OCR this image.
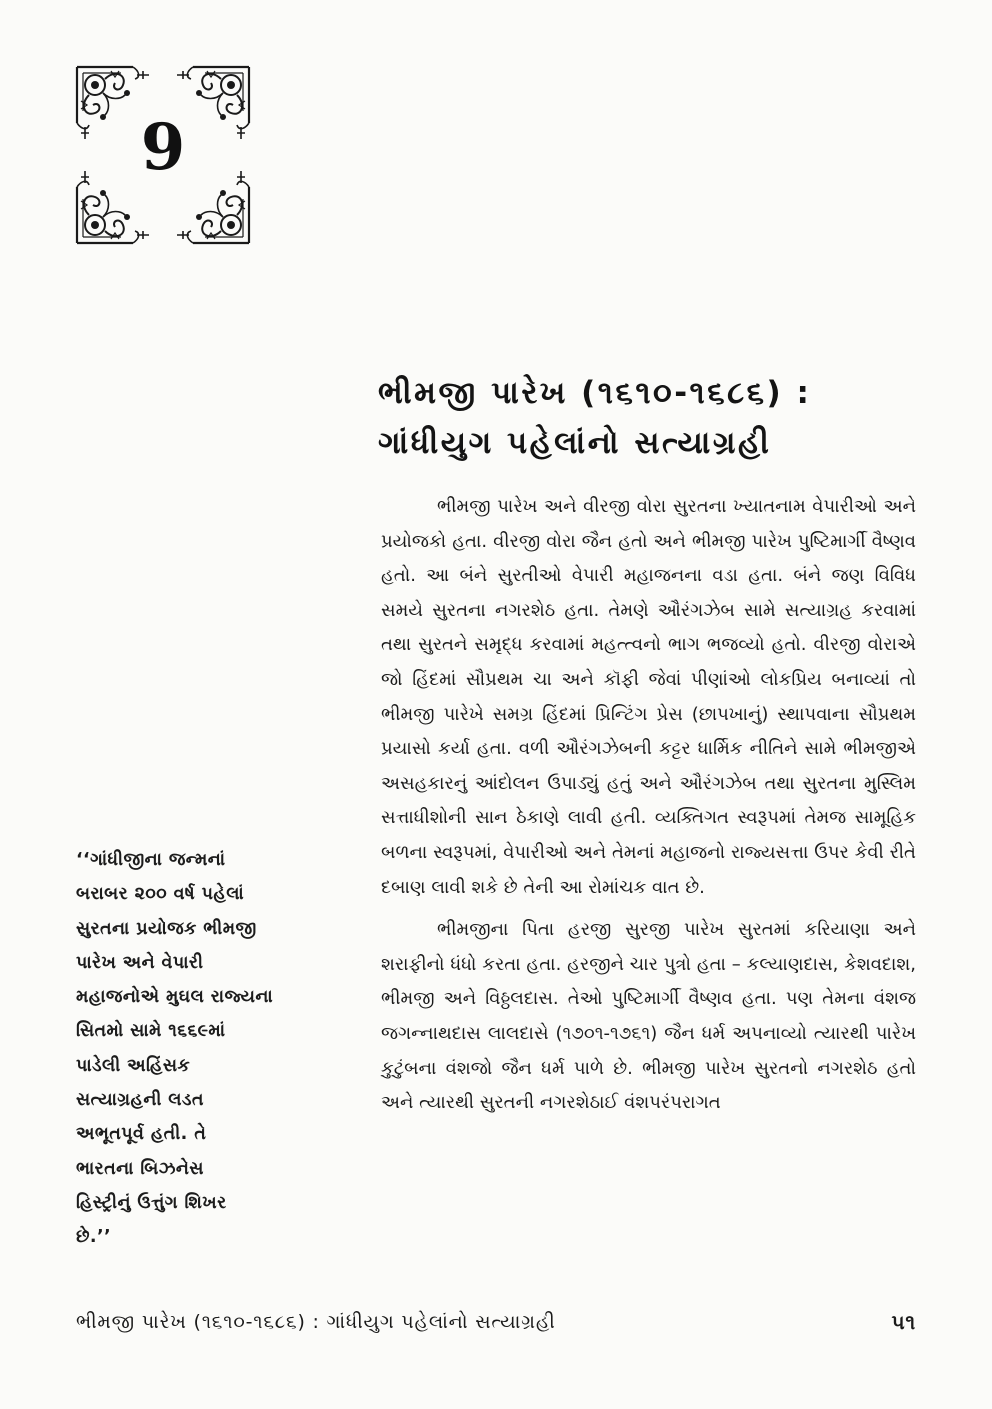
9
ભીમજી પારેખ (૧૬૧૦-૧૬૮૬) :
ગાંધીયુગ પહેલાંનો સત્યાગ્રહી

ભીમજી પારેખ અને વીરજી વોરા સુરતના ખ્યાતનામ વેપારીઓ અને પ્રયોજકો હતા. વીરજી વોરા જૈન હતો અને ભીમજી પારેખ પુષ્ટિમાર્ગી વૈષ્ણવ હતો. આ બંને સુરતીઓ વેપારી મહાજનના વડા હતા. બંને જણ વિવિધ સમયે સુરતના નગરશેઠ હતા. તેમણે ઔરંગઝેબ સામે સત્યાગ્રહ કરવામાં તથા સુરતને સમૃદ્ધ કરવામાં મહત્ત્વનો ભાગ ભજવ્યો હતો. વીરજી વોરાએ જો હિંદમાં સૌપ્રથમ ચા અને કૉફી જેવાં પીણાંઓ લોકપ્રિય બનાવ્યાં તો ભીમજી પારેખે સમગ્ર હિંદમાં પ્રિન્ટિંગ પ્રેસ (છાપખાનું) સ્થાપવાના સૌપ્રથમ પ્રયાસો કર્યા હતા. વળી ઔરંગઝેબની કટ્ટર ધાર્મિક નીતિને સામે ભીમજીએ અસહકારનું આંદોલન ઉપાડ્યું હતું અને ઔરંગઝેબ તથા સુરતના મુસ્લિમ સત્તાધીશોની સાન ઠેકાણે લાવી હતી. વ્યક્તિગત સ્વરૂપમાં તેમજ સામૂહિક બળના સ્વરૂપમાં, વેપારીઓ અને તેમનાં મહાજનો રાજ્યસત્તા ઉપર કેવી રીતે દબાણ લાવી શકે છે તેની આ રોમાંચક વાત છે.

ભીમજીના પિતા હરજી સુરજી પારેખ સુરતમાં કરિયાણા અને શરાફીનો ધંધો કરતા હતા. હરજીને ચાર પુત્રો હતા – કલ્યાણદાસ, કેશવદાશ, ભીમજી અને વિઠ્ઠલદાસ. તેઓ પુષ્ટિમાર્ગી વૈષ્ણવ હતા. પણ તેમના વંશજ જગન્નાથદાસ લાલદાસે (૧૭૦૧-૧૭૬૧) જૈન ધર્મ અપનાવ્યો ત્યારથી પારેખ કુટુંબના વંશજો જૈન ધર્મ પાળે છે. ભીમજી પારેખ સુરતનો નગરશેઠ હતો અને ત્યારથી સુરતની નગરશેઠાઈ વંશપરંપરાગત

‘‘ગાંધીજીના જન્મનાં
બરાબર ૨૦૦ વર્ષ પહેલાં
સુરતના પ્રયોજક ભીમજી
પારેખ અને વેપારી
મહાજનોએ મુઘલ રાજ્યના
સિતમો સામે ૧૬૬૯માં
પાડેલી અહિંસક
સત્યાગ્રહની લડત
અભૂતપૂર્વ હતી. તે
ભારતના બિઝનેસ
હિસ્ટ્રીનું ઉત્તુંગ શિખર
છે.’’
ભીમજી પારેખ (૧૬૧૦-૧૬૮૬) : ગાંધીયુગ પહેલાંનો સત્યાગ્રહી	૫૧
